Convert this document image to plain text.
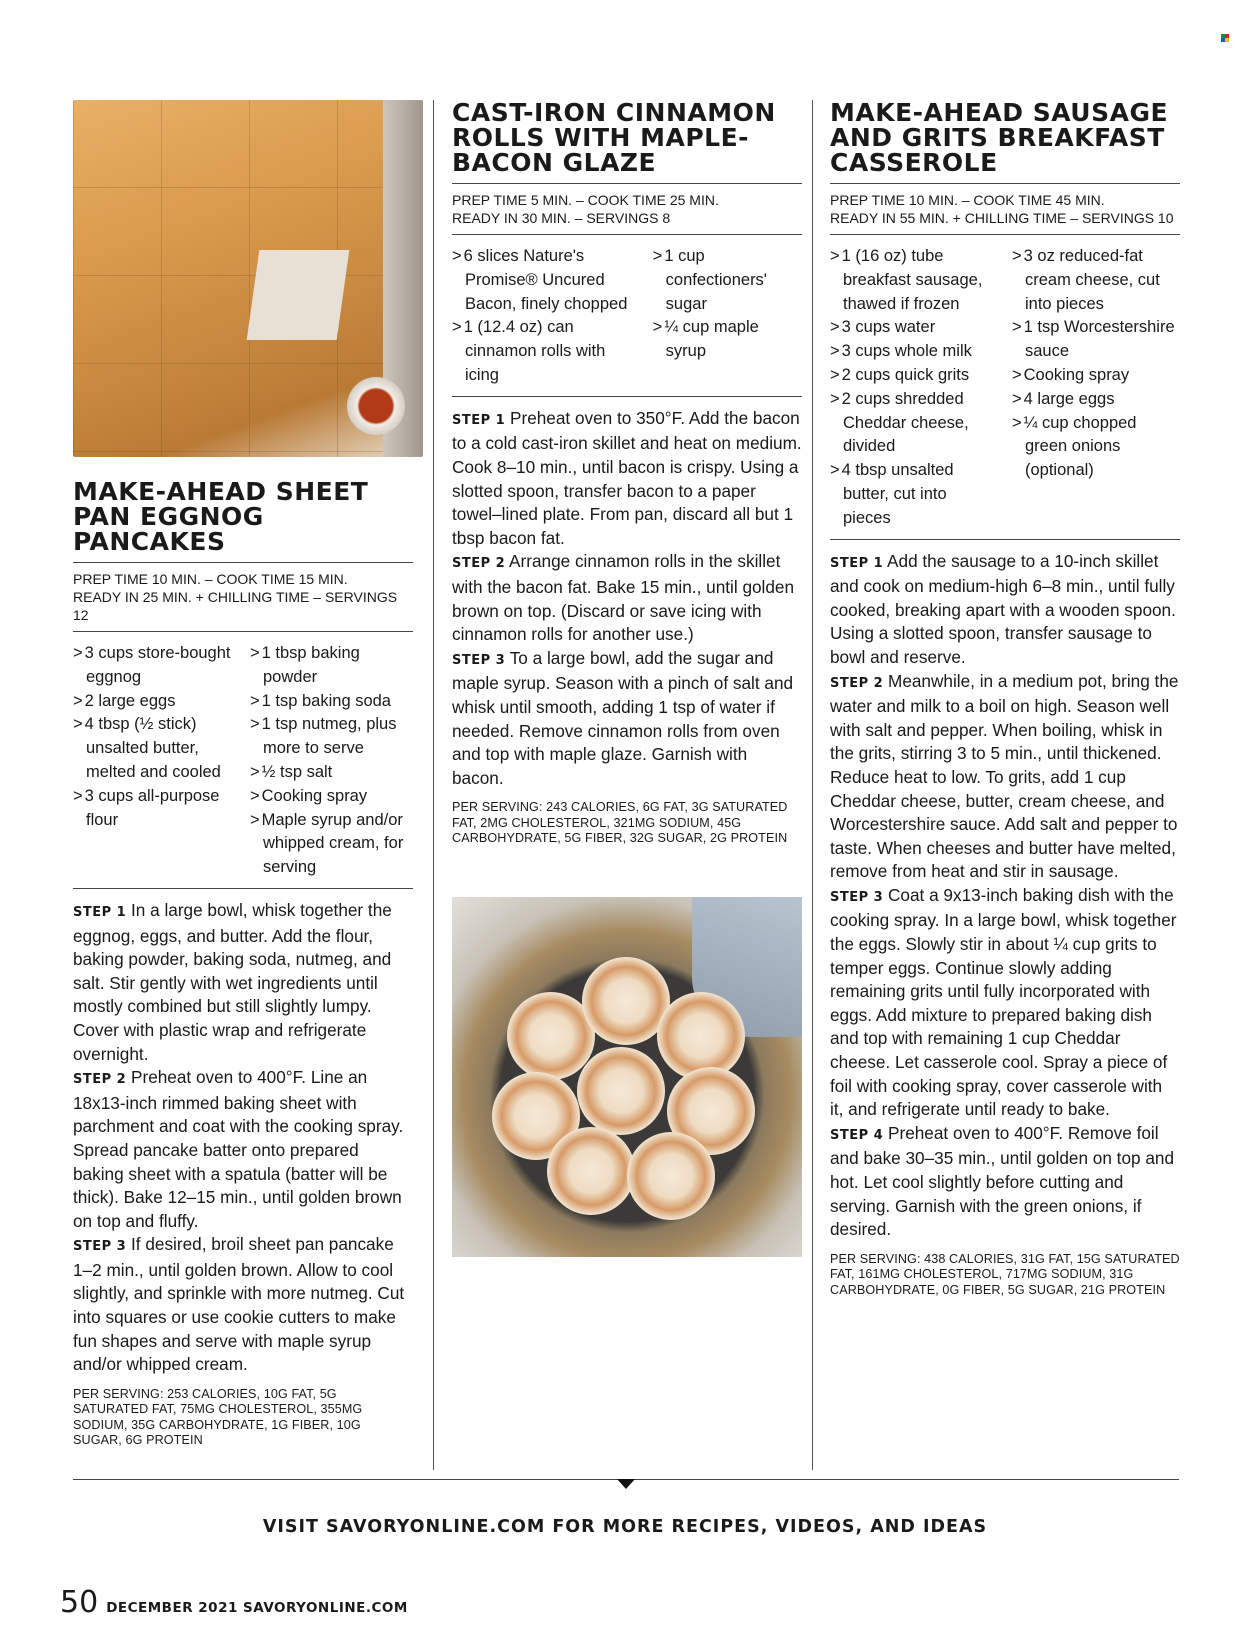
MAKE-AHEAD SHEET PAN EGGNOG PANCAKES
PREP TIME 10 MIN. – COOK TIME 15 MIN.
READY IN 25 MIN. + CHILLING TIME – SERVINGS 12
> 3 cups store-bought eggnog
> 2 large eggs
> 4 tbsp (½ stick) unsalted butter, melted and cooled
> 3 cups all-purpose flour
> 1 tbsp baking powder
> 1 tsp baking soda
> 1 tsp nutmeg, plus more to serve
> ½ tsp salt
> Cooking spray
> Maple syrup and/or whipped cream, for serving

STEP 1 In a large bowl, whisk together the eggnog, eggs, and butter. Add the flour, baking powder, baking soda, nutmeg, and salt. Stir gently with wet ingredients until mostly combined but still slightly lumpy. Cover with plastic wrap and refrigerate overnight.

STEP 2 Preheat oven to 400°F. Line an 18x13-inch rimmed baking sheet with parchment and coat with the cooking spray. Spread pancake batter onto prepared baking sheet with a spatula (batter will be thick). Bake 12–15 min., until golden brown on top and fluffy.

STEP 3 If desired, broil sheet pan pancake 1–2 min., until golden brown. Allow to cool slightly, and sprinkle with more nutmeg. Cut into squares or use cookie cutters to make fun shapes and serve with maple syrup and/or whipped cream.

PER SERVING: 253 CALORIES, 10G FAT, 5G SATURATED FAT, 75MG CHOLESTEROL, 355MG SODIUM, 35G CARBOHYDRATE, 1G FIBER, 10G SUGAR, 6G PROTEIN
CAST-IRON CINNAMON ROLLS WITH MAPLE-BACON GLAZE
PREP TIME 5 MIN. – COOK TIME 25 MIN.
READY IN 30 MIN. – SERVINGS 8
> 6 slices Nature's Promise® Uncured Bacon, finely chopped
> 1 (12.4 oz) can cinnamon rolls with icing
> 1 cup confectioners' sugar
> ¼ cup maple syrup

STEP 1 Preheat oven to 350°F. Add the bacon to a cold cast-iron skillet and heat on medium. Cook 8–10 min., until bacon is crispy. Using a slotted spoon, transfer bacon to a paper towel–lined plate. From pan, discard all but 1 tbsp bacon fat.

STEP 2 Arrange cinnamon rolls in the skillet with the bacon fat. Bake 15 min., until golden brown on top. (Discard or save icing with cinnamon rolls for another use.)

STEP 3 To a large bowl, add the sugar and maple syrup. Season with a pinch of salt and whisk until smooth, adding 1 tsp of water if needed. Remove cinnamon rolls from oven and top with maple glaze. Garnish with bacon.

PER SERVING: 243 CALORIES, 6G FAT, 3G SATURATED FAT, 2MG CHOLESTEROL, 321MG SODIUM, 45G CARBOHYDRATE, 5G FIBER, 32G SUGAR, 2G PROTEIN
MAKE-AHEAD SAUSAGE AND GRITS BREAKFAST CASSEROLE
PREP TIME 10 MIN. – COOK TIME 45 MIN.
READY IN 55 MIN. + CHILLING TIME – SERVINGS 10
> 1 (16 oz) tube breakfast sausage, thawed if frozen
> 3 cups water
> 3 cups whole milk
> 2 cups quick grits
> 2 cups shredded Cheddar cheese, divided
> 4 tbsp unsalted butter, cut into pieces
> 3 oz reduced-fat cream cheese, cut into pieces
> 1 tsp Worcestershire sauce
> Cooking spray
> 4 large eggs
> ¼ cup chopped green onions (optional)

STEP 1 Add the sausage to a 10-inch skillet and cook on medium-high 6–8 min., until fully cooked, breaking apart with a wooden spoon. Using a slotted spoon, transfer sausage to bowl and reserve.

STEP 2 Meanwhile, in a medium pot, bring the water and milk to a boil on high. Season well with salt and pepper. When boiling, whisk in the grits, stirring 3 to 5 min., until thickened. Reduce heat to low. To grits, add 1 cup Cheddar cheese, butter, cream cheese, and Worcestershire sauce. Add salt and pepper to taste. When cheeses and butter have melted, remove from heat and stir in sausage.

STEP 3 Coat a 9x13-inch baking dish with the cooking spray. In a large bowl, whisk together the eggs. Slowly stir in about ¼ cup grits to temper eggs. Continue slowly adding remaining grits until fully incorporated with eggs. Add mixture to prepared baking dish and top with remaining 1 cup Cheddar cheese. Let casserole cool. Spray a piece of foil with cooking spray, cover casserole with it, and refrigerate until ready to bake.

STEP 4 Preheat oven to 400°F. Remove foil and bake 30–35 min., until golden on top and hot. Let cool slightly before cutting and serving. Garnish with the green onions, if desired.

PER SERVING: 438 CALORIES, 31G FAT, 15G SATURATED FAT, 161MG CHOLESTEROL, 717MG SODIUM, 31G CARBOHYDRATE, 0G FIBER, 5G SUGAR, 21G PROTEIN
VISIT SAVORYONLINE.COM FOR MORE RECIPES, VIDEOS, AND IDEAS
50 DECEMBER 2021 SAVORYONLINE.COM
